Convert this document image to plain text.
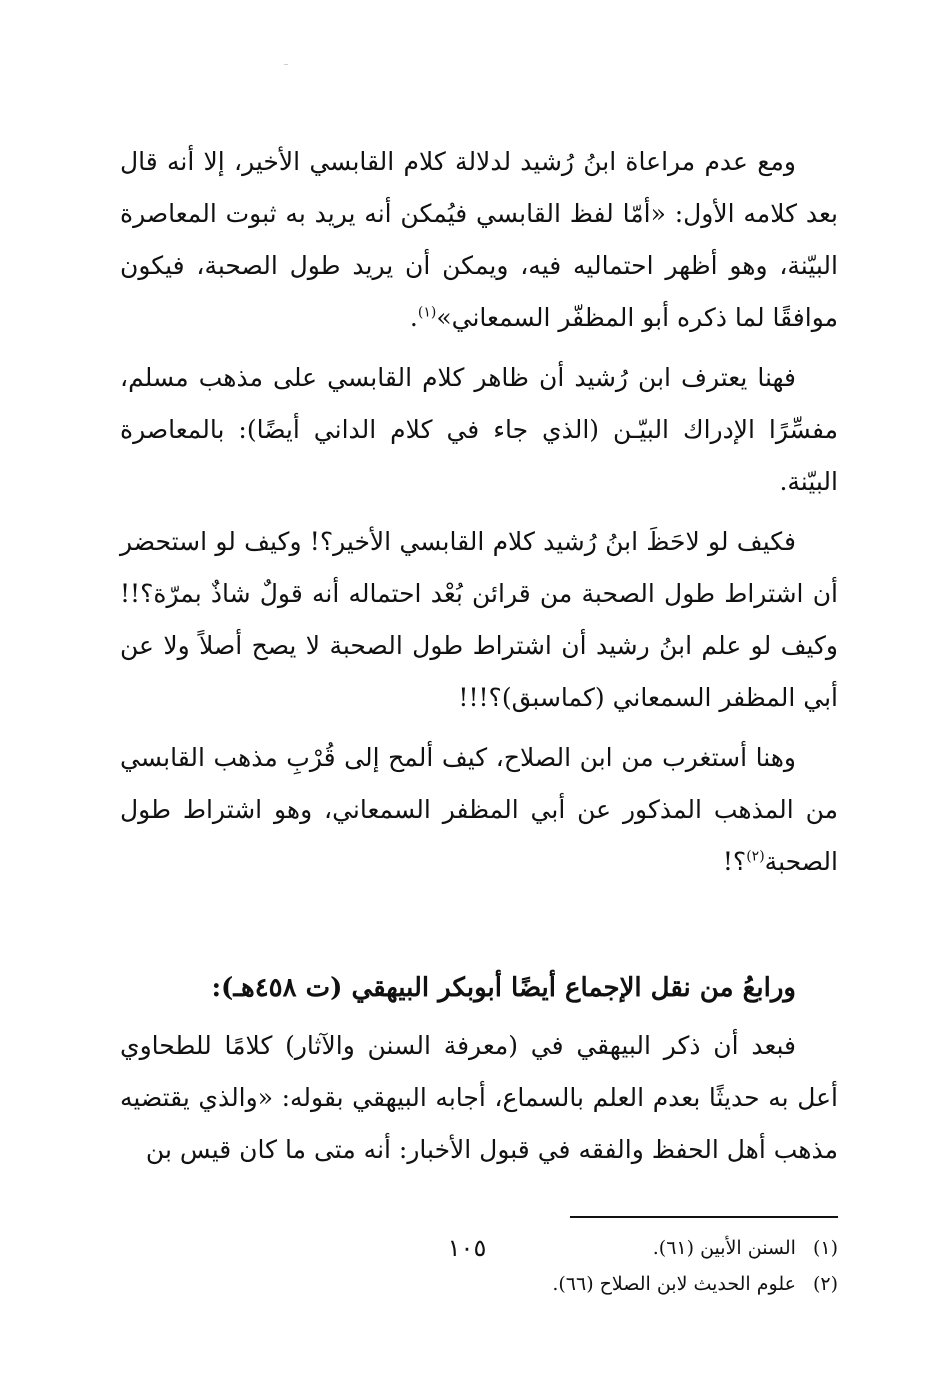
ومع عدم مراعاة ابنُ رُشيد لدلالة كلام القابسي الأخير، إلا أنه قال بعد كلامه الأول: «أمّا لفظ القابسي فيُمكن أنه يريد به ثبوت المعاصرة البيّنة، وهو أظهر احتماليه فيه، ويمكن أن يريد طول الصحبة، فيكون موافقًا لما ذكره أبو المظفّر السمعاني»$^{(١)}$.

فهنا يعترف ابن رُشيد أن ظاهر كلام القابسي على مذهب مسلم، مفسِّرًا الإدراك البيّـن (الذي جاء في كلام الداني أيضًا): بالمعاصرة البيّنة.

فكيف لو لاحَظَ ابنُ رُشيد كلام القابسي الأخير؟! وكيف لو استحضر أن اشتراط طول الصحبة من قرائن بُعْد احتماله أنه قولٌ شاذٌ بمرّة؟!! وكيف لو علم ابنُ رشيد أن اشتراط طول الصحبة لا يصح أصلاً ولا عن أبي المظفر السمعاني (كماسبق)؟!!!

وهنا أستغرب من ابن الصلاح، كيف ألمح إلى قُرْبِ مذهب القابسي من المذهب المذكور عن أبي المظفر السمعاني، وهو اشتراط طول الصحبة$^{(٢)}$؟!

ورابعُ من نقل الإجماع أيضًا أبوبكر البيهقي (ت ٤٥٨هـ):

فبعد أن ذكر البيهقي في (معرفة السنن والآثار) كلامًا للطحاوي أعل به حديثًا بعدم العلم بالسماع، أجابه البيهقي بقوله: «والذي يقتضيه مذهب أهل الحفظ والفقه في قبول الأخبار: أنه متى ما كان قيس بن

(١) السنن الأبين (٦١).

(٢) علوم الحديث لابن الصلاح (٦٦).

١٠٥
